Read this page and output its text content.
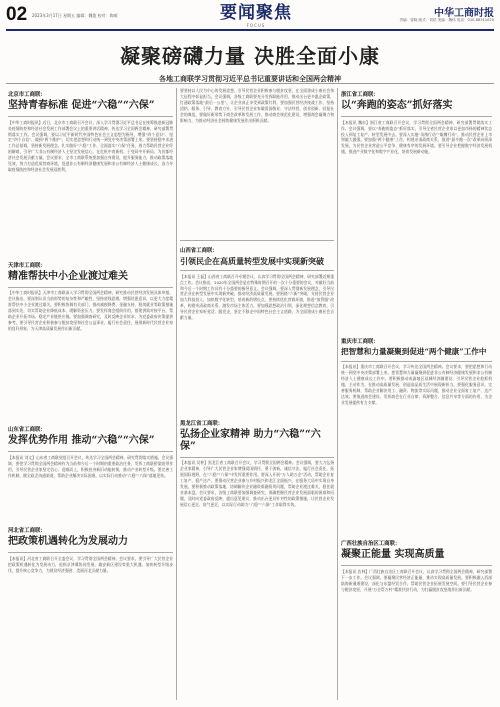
02 2023年3月17日 星期五 编辑：魏俊 校对：陶萌	要闻聚焦
FOCUS
中华工商时报
责编：曾晓 版式：刘伯 美编：魏伟 电话：010-88311020
凝聚磅礴力量 决胜全面小康
各地工商联学习贯彻习近平总书记重要讲话和全国两会精神
北京市工商联：
坚持青春标准 促进“六稳”“六保”

【中华工商时报讯】近日，北京市工商联召开会议，深入学习贯彻习近平总书记在统筹推进新冠肺炎疫情防控和经济社会发展工作部署会议上的重要讲话精神，传达学习全国两会精神，研究部署贯彻落实工作。会议强调，要以习近平新时代中国特色社会主义思想为指导，增强“四个意识”、坚定“四个自信”、做到“两个维护”，切实把思想和行动统一到党中央决策部署上来。要坚持稳中求进工作总基调，坚持新发展理念，扎实做好“六稳”工作、全面落实“六保”任务，着力帮助民营企业纾困解难，引导广大非公有制经济人士坚定发展信心，在危机中育新机、于变局中开新局，为首都经济社会发展贡献力量。会议要求，全市工商联系统要加强自身建设，提升服务能力，推动政策落地见效，努力打造优质营商环境，促进非公有制经济健康发展和非公有制经济人士健康成长，奋力夺取疫情防控和经济社会发展双胜利。

天津市工商联：
精准帮扶中小企业渡过难关

【中华工商时报讯】天津市工商联深入学习贯彻全国两会精神，研究推动民营经济发展具体举措。会议指出，要深刻认识当前形势的复杂性和严峻性，坚持底线思维，增强忧患意识，以更大力度精准帮扶中小企业渡过难关。要积极协调有关部门，推动减税降费、金融支持、稳岗就业等政策措施落到实处，切实帮助企业降低成本、缓解资金压力。要发挥商会组织作用，搭建供需对接平台，帮助企业开拓市场、稳定产业链供应链。要加强调查研究，及时反映企业诉求，为党委政府决策提供参考。要引导民营企业积极参与脱贫攻坚和社会公益事业，履行社会责任，展现新时代民营企业家的良好形象，为天津高质量发展作出新贡献。

山东省工商联：
发挥优势作用 推动“六稳”“六保”

【本报讯 刘文】山东省工商联党组召开会议，传达学习全国两会精神，研究贯彻落实措施。会议强调，要把学习贯彻全国两会精神作为当前和今后一个时期的重要政治任务，发挥工商联桥梁纽带作用，引导民营企业家坚定信心、迎难而上，积极投身新旧动能转换，推动产业转型升级。要完善工作机制，健全政企沟通渠道，帮助企业解决实际困难，以实际行动推动“六稳”“六保”落地见效。

河北省工商联：
把政策机遇转化为发展动力

【本报讯】河北省工商联召开全委会议，学习贯彻全国两会精神。会议要求，要引导广大民营企业把政策机遇转化为发展动力，抢抓京津冀协同发展、雄安新区建设等重大机遇，加快转型升级步伐，提升核心竞争力，为建设经济强省、美丽河北贡献力量。

要坚持以人民为中心的发展思想，引导民营企业积极参与脱贫攻坚，在全面建成小康社会伟大征程中彰显担当。会议强调，各级工商联要充分发挥职能作用，推动出台更多惠企政策，打通政策落地“最后一公里”，让企业真正享受到政策红利。要加强民营经济统战工作，坚持团结、服务、引导、教育方针，引导民营企业家做爱国敬业、守法经营、创业创新、回报社会的典范。要做好新形势下商会改革和发展工作，推动商会规范化建设，增强商会凝聚力和影响力，为推动经济社会持续健康发展作出积极贡献。

山西省工商联：
引领民企在高质量转型发展中实现新突破

【本报讯 王磊】山西省工商联召开专题会议，认真学习贯彻全国两会精神，研究部署近期重点工作。会议指出，2020年全国两会是在特殊时期召开的一次十分重要的会议，对做好当前和今后一个时期工作具有十分重要的指导意义。会议强调，要深入贯彻新发展理念，引导民营企业在转型发展中实现新突破，推动经济高质量发展。要围绕“六新”突破，支持民营企业加大科技投入，加快数字化转型，培育新的增长点。要持续优化营商环境，推进“放管服”改革，构建亲清政商关系，激发市场主体活力。要加强思想政治引领，深化理想信念教育，引导民营企业家听党话、跟党走，坚定不移走中国特色社会主义道路，为全面建成小康社会贡献力量。

黑龙江省工商联：
弘扬企业家精神 助力“六稳”“六保”

【本报讯 吴仲】黑龙江省工商联召开会议，学习贯彻全国两会精神。会议强调，要大力弘扬企业家精神，引导广大民营企业家增强爱国情怀，勇于创新，诚信守法，履行社会责任，拓展国际视野，在“六稳”“六保”中发挥重要作用。要深入开展“万人助万企”活动，帮助企业复工复产、稳产达产。要推动民营企业参与乡村振兴和龙江全面振兴，在服务大局中实现自身发展。要积极推动政策落地，协调解决企业融资难融资贵问题，帮助企业渡过难关，稳住就业基本盘。会议要求，各级工商联要加强调查研究，准确把握民营企业发展面临的困难和问题，及时向党委政府反映，提出意见建议，推动出台更具针对性的政策措施，让民营企业发展信心更足、底气更足，以实际行动助力“六稳”“六保”工作取得实效。

浙江省工商联：
以“奔跑的姿态”抓好落实

【本报讯 魏东】浙江省工商联召开会议，学习贯彻全国两会精神，研究部署贯彻落实工作。会议强调，要以“奔跑的姿态”抓好落实，引导全省民营企业家以更加昂扬的精神状态投入到复工复产、转型发展中去。要深入实施“凤凰行动”“雄鹰行动”，推动民营企业上市和做大做强。要加强“两个健康”工作，构建亲清政商关系，推进“最多跑一次”改革向纵深发展，为民营企业营造公平竞争、健康有序的发展环境。要引导企业把握数字经济发展机遇，推进产业数字化和数字产业化，培育发展新动能。

重庆市工商联：
把智慧和力量凝聚到促进“两个健康”工作中

【本报讯】重庆市工商联召开会议，学习传达全国两会精神。会议要求，要把思想和行动统一到党中央决策部署上来，把智慧和力量凝聚到促进非公有制经济健康发展和非公有制经济人士健康成长工作中。要积极推动成渝地区双城经济圈建设，引导民营企业抢抓机遇、主动作为，在推动高质量发展、创造高品质生活中展现新担当。要强化服务意识，完善服务机制，帮助企业解决用工、融资、物流等实际问题，推动企业全面复工复产、达产达效。要推进商会建设，发挥商会在行业自律、资源整合、信息共享等方面的作用，为企业发展提供有力支撑。

广西壮族自治区工商联：
凝聚正能量 实现高质量

【本报讯 农林】广西壮族自治区工商联召开会议，认真学习贯彻全国两会精神，研究部署下一步工作。会议强调，要凝聚民营经济正能量，推动实现高质量发展。要积极融入西部陆海新通道建设，深化与东盟经贸合作，帮助民营企业拓展发展空间。要引导民营企业参与脱贫攻坚，开展“万企帮万村”精准扶贫行动，为打赢脱贫攻坚战作出新贡献。
